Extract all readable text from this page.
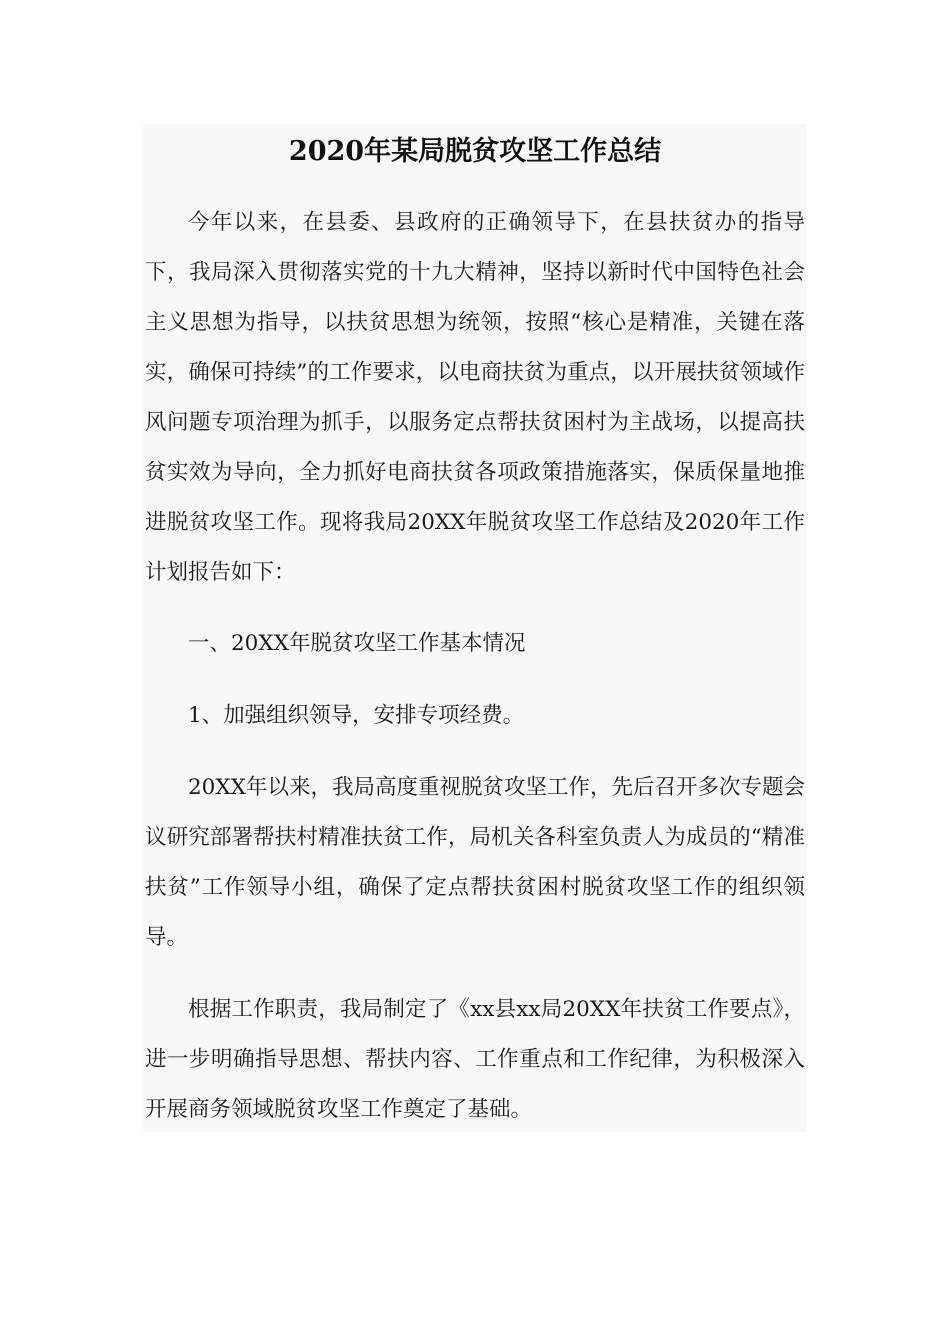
2020年某局脱贫攻坚工作总结

今年以来，在县委、县政府的正确领导下，在县扶贫办的指导下，我局深入贯彻落实党的十九大精神，坚持以新时代中国特色社会主义思想为指导，以扶贫思想为统领，按照“核心是精准，关键在落实，确保可持续”的工作要求，以电商扶贫为重点，以开展扶贫领域作风问题专项治理为抓手，以服务定点帮扶贫困村为主战场，以提高扶贫实效为导向，全力抓好电商扶贫各项政策措施落实，保质保量地推进脱贫攻坚工作。现将我局20XX年脱贫攻坚工作总结及2020年工作计划报告如下：

一、20XX年脱贫攻坚工作基本情况

1、加强组织领导，安排专项经费。

20XX年以来，我局高度重视脱贫攻坚工作，先后召开多次专题会议研究部署帮扶村精准扶贫工作，局机关各科室负责人为成员的“精准扶贫”工作领导小组，确保了定点帮扶贫困村脱贫攻坚工作的组织领导。

根据工作职责，我局制定了《xx县xx局20XX年扶贫工作要点》，进一步明确指导思想、帮扶内容、工作重点和工作纪律，为积极深入开展商务领域脱贫攻坚工作奠定了基础。
